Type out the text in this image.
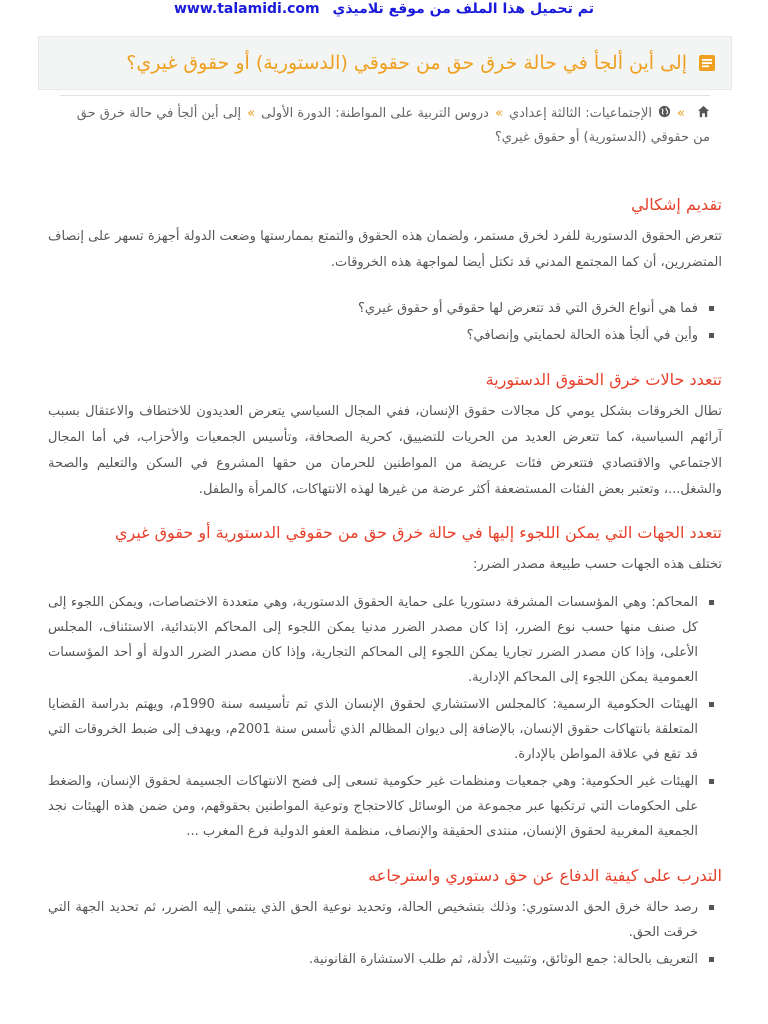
www.talamidi.com تم تحميل هذا الملف من موقع تلاميذي
إلى أين ألجأ في حالة خرق حق من حقوقي (الدستورية) أو حقوق غيري؟
»الإجتماعيات: الثالثة إعدادي»دروس التربية على المواطنة: الدورة الأولى»إلى أين ألجأ في حالة خرق حق من حقوقي (الدستورية) أو حقوق غيري؟
تقديم إشكالي

تتعرض الحقوق الدستورية للفرد لخرق مستمر، ولضمان هذه الحقوق والتمتع بممارستها وضعت الدولة أجهزة تسهر على إنصاف المتضررين، أن كما المجتمع المدني قد تكتل أيضا لمواجهة هذه الخروقات.

فما هي أنواع الخرق التي قد تتعرض لها حقوقي أو حقوق غيري؟
وأين في ألجأ هذه الحالة لحمايتي وإنصافي؟
تتعدد حالات خرق الحقوق الدستورية

تطال الخروقات بشكل يومي كل مجالات حقوق الإنسان، ففي المجال السياسي يتعرض العديدون للاختطاف والاعتقال بسبب آرائهم السياسية، كما تتعرض العديد من الحريات للتضييق، كحرية الصحافة، وتأسيس الجمعيات والأحزاب، في أما المجال الاجتماعي والاقتصادي فتتعرض فئات عريضة من المواطنين للحرمان من حقها المشروع في السكن والتعليم والصحة والشغل...، وتعتبر بعض الفئات المستضعفة أكثر عرضة من غيرها لهذه الانتهاكات، كالمرأة والطفل.

تتعدد الجهات التي يمكن اللجوء إليها في حالة خرق حق من حقوقي الدستورية أو حقوق غيري

تختلف هذه الجهات حسب طبيعة مصدر الضرر:

المحاكم: وهي المؤسسات المشرفة دستوريا على حماية الحقوق الدستورية، وهي متعددة الاختصاصات، ويمكن اللجوء إلى كل صنف منها حسب نوع الضرر، إذا كان مصدر الضرر مدنيا يمكن اللجوء إلى المحاكم الابتدائية، الاستئناف، المجلس الأعلى، وإذا كان مصدر الضرر تجاريا يمكن اللجوء إلى المحاكم التجارية، وإذا كان مصدر الضرر الدولة أو أحد المؤسسات العمومية يمكن اللجوء إلى المحاكم الإدارية.
الهيئات الحكومية الرسمية: كالمجلس الاستشاري لحقوق الإنسان الذي تم تأسيسه سنة 1990م، ويهتم بدراسة القضايا المتعلقة بانتهاكات حقوق الإنسان، بالإضافة إلى ديوان المظالم الذي تأسس سنة 2001م، ويهدف إلى ضبط الخروقات التي قد تقع في علاقة المواطن بالإدارة.
الهيئات غير الحكومية: وهي جمعيات ومنظمات غير حكومية تسعى إلى فضح الانتهاكات الجسيمة لحقوق الإنسان، والضغط على الحكومات التي ترتكبها عبر مجموعة من الوسائل كالاحتجاج وتوعية المواطنين بحقوقهم، ومن ضمن هذه الهيئات نجد الجمعية المغربية لحقوق الإنسان، منتدى الحقيقة والإنصاف، منظمة العفو الدولية فرع المغرب ...
التدرب على كيفية الدفاع عن حق دستوري واسترجاعه
رصد حالة خرق الحق الدستوري: وذلك بتشخيص الحالة، وتحديد نوعية الحق الذي ينتمي إليه الضرر، ثم تحديد الجهة التي خرقت الحق.
التعريف بالحالة: جمع الوثائق، وتثبيت الأدلة، ثم طلب الاستشارة القانونية.
